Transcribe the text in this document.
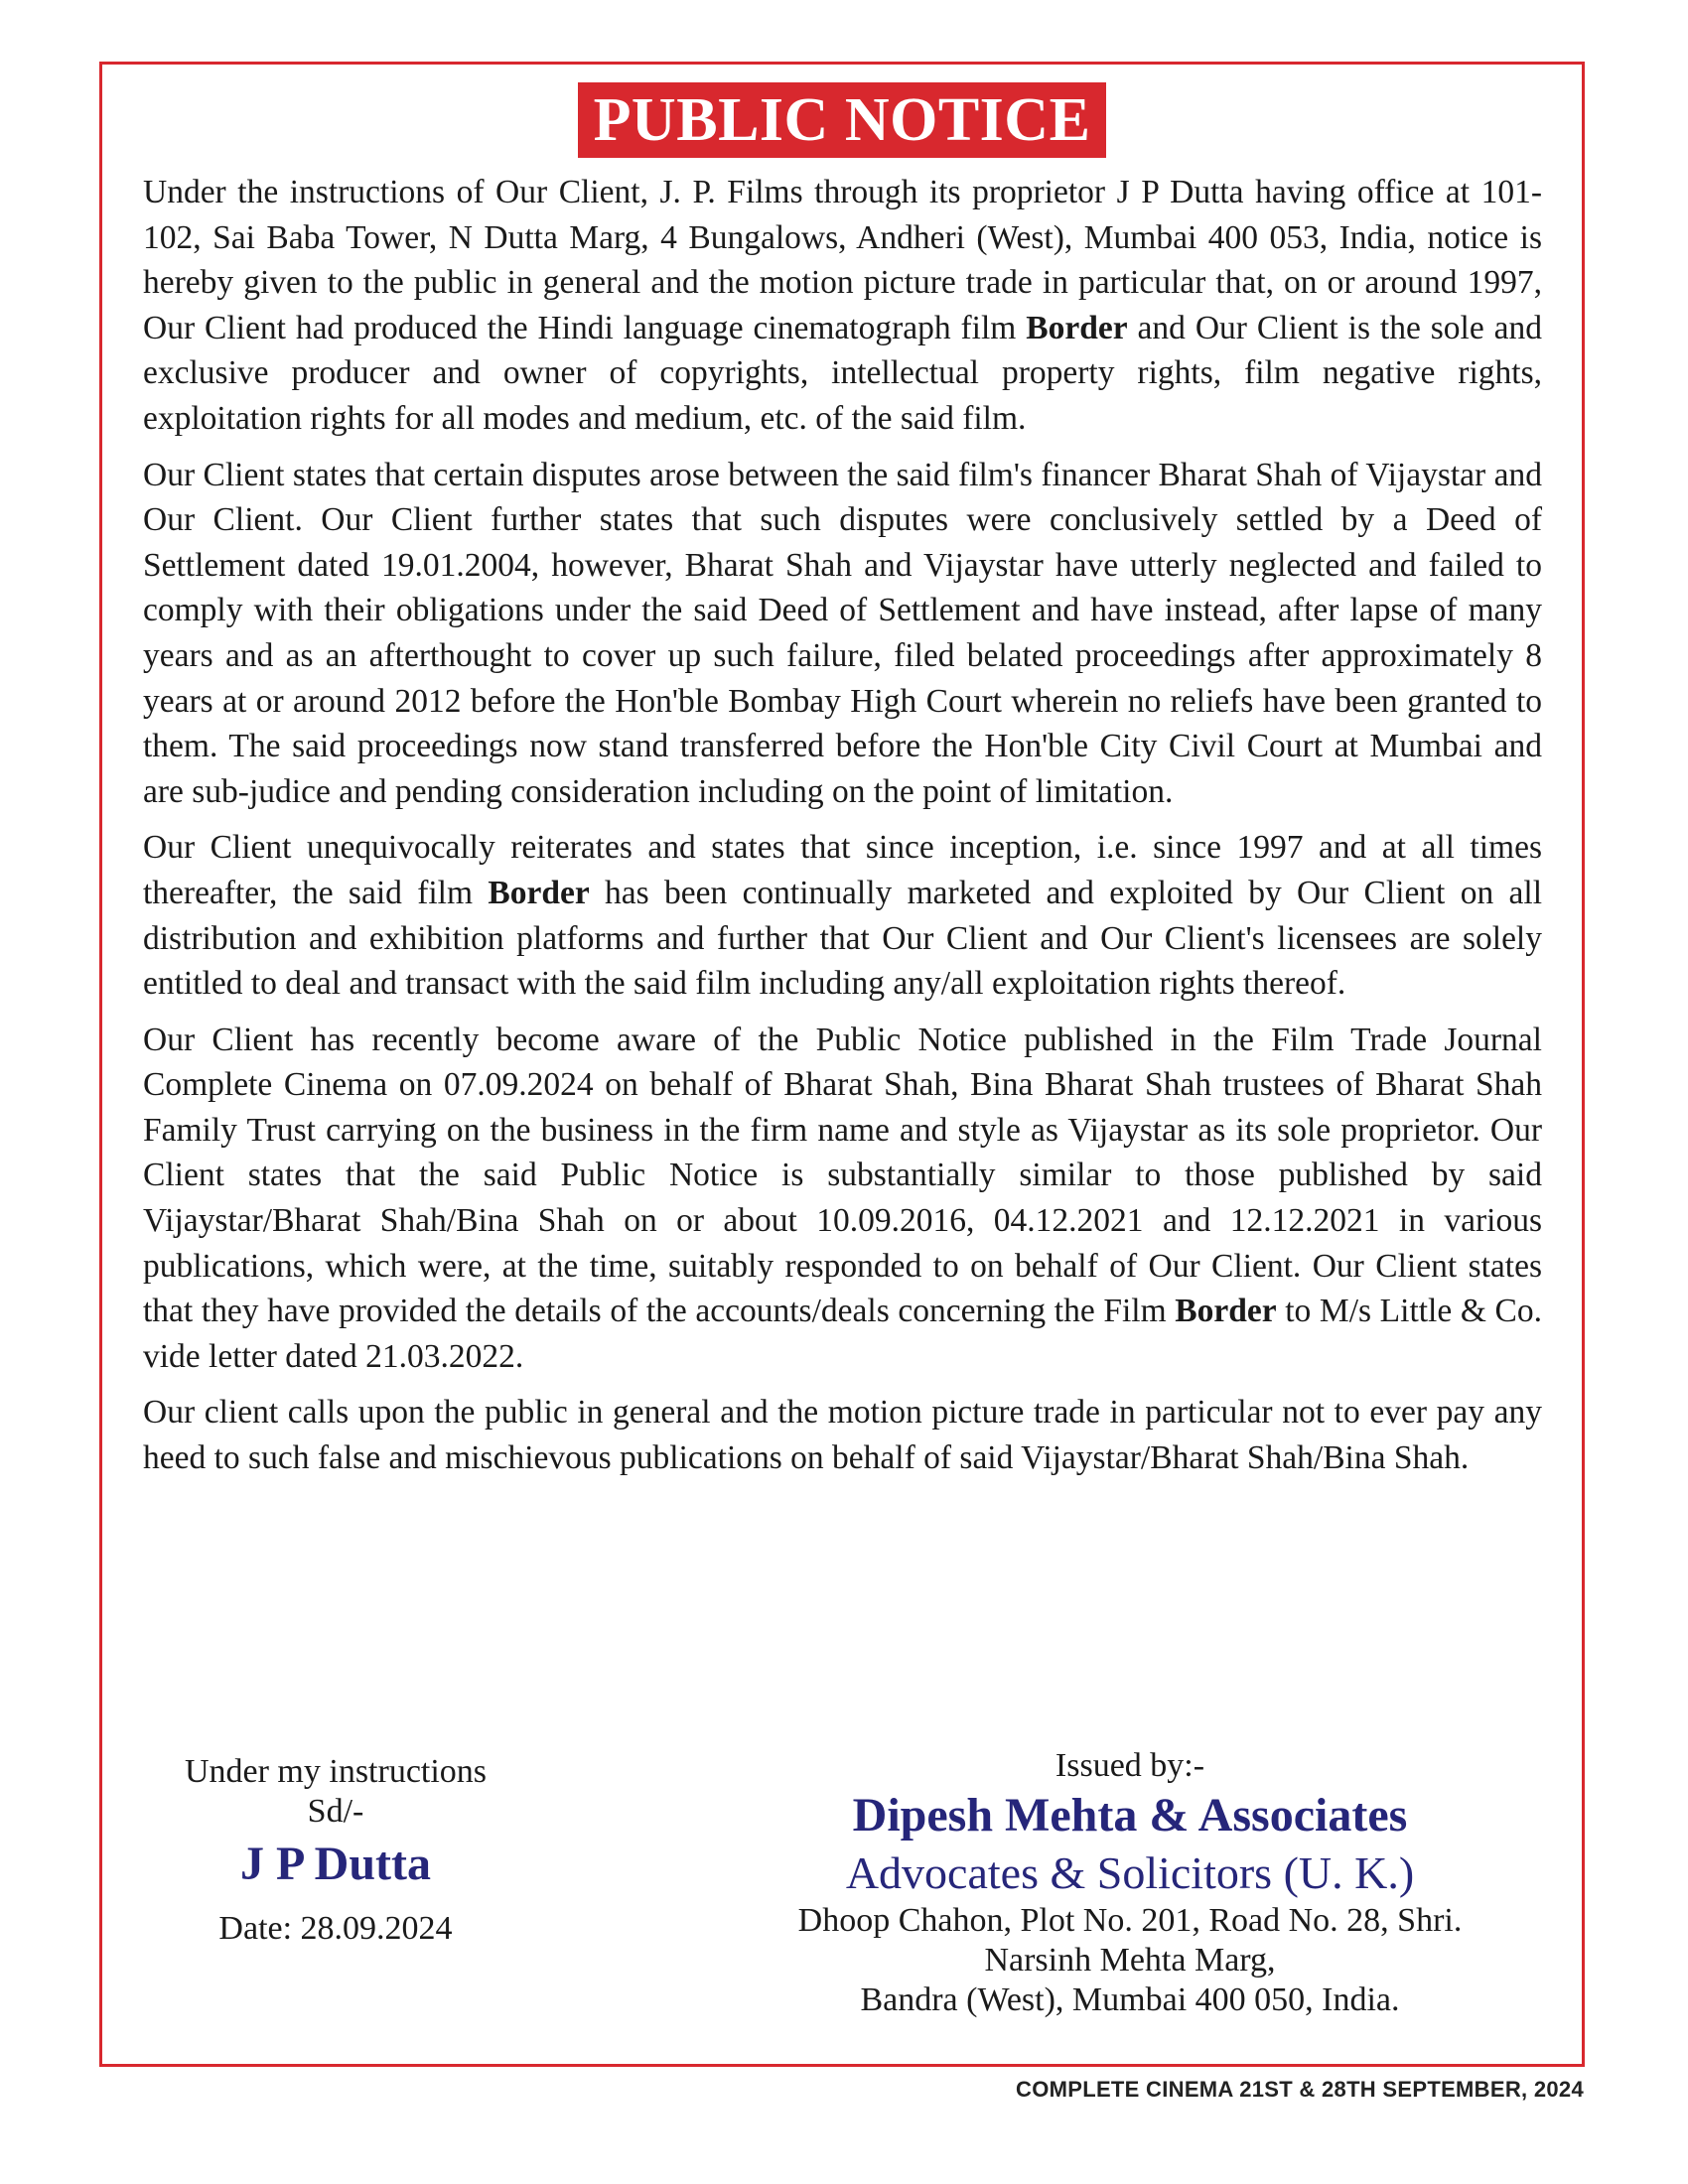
PUBLIC NOTICE

Under the instructions of Our Client, J. P. Films through its proprietor J P Dutta having office at 101-102, Sai Baba Tower, N Dutta Marg, 4 Bungalows, Andheri (West), Mumbai 400 053, India, notice is hereby given to the public in general and the motion picture trade in particular that, on or around 1997, Our Client had produced the Hindi language cinematograph film Border and Our Client is the sole and exclusive producer and owner of copyrights, intellectual property rights, film negative rights, exploitation rights for all modes and medium, etc. of the said film.

Our Client states that certain disputes arose between the said film's financer Bharat Shah of Vijaystar and Our Client. Our Client further states that such disputes were conclusively settled by a Deed of Settlement dated 19.01.2004, however, Bharat Shah and Vijaystar have utterly neglected and failed to comply with their obligations under the said Deed of Settlement and have instead, after lapse of many years and as an afterthought to cover up such failure, filed belated proceedings after approximately 8 years at or around 2012 before the Hon'ble Bombay High Court wherein no reliefs have been granted to them. The said proceedings now stand transferred before the Hon'ble City Civil Court at Mumbai and are sub-judice and pending consideration including on the point of limitation.

Our Client unequivocally reiterates and states that since inception, i.e. since 1997 and at all times thereafter, the said film Border has been continually marketed and exploited by Our Client on all distribution and exhibition platforms and further that Our Client and Our Client's licensees are solely entitled to deal and transact with the said film including any/all exploitation rights thereof.

Our Client has recently become aware of the Public Notice published in the Film Trade Journal Complete Cinema on 07.09.2024 on behalf of Bharat Shah, Bina Bharat Shah trustees of Bharat Shah Family Trust carrying on the business in the firm name and style as Vijaystar as its sole proprietor. Our Client states that the said Public Notice is substantially similar to those published by said Vijaystar/Bharat Shah/Bina Shah on or about 10.09.2016, 04.12.2021 and 12.12.2021 in various publications, which were, at the time, suitably responded to on behalf of Our Client. Our Client states that they have provided the details of the accounts/deals concerning the Film Border to M/s Little & Co. vide letter dated 21.03.2022.

Our client calls upon the public in general and the motion picture trade in particular not to ever pay any heed to such false and mischievous publications on behalf of said Vijaystar/Bharat Shah/Bina Shah.

Under my instructions
Sd/-
J P Dutta
Date: 28.09.2024
Issued by:-
Dipesh Mehta & Associates
Advocates & Solicitors (U. K.)
Dhoop Chahon, Plot No. 201, Road No. 28, Shri.
Narsinh Mehta Marg,
Bandra (West), Mumbai 400 050, India.
COMPLETE CINEMA 21ST & 28TH SEPTEMBER, 2024
